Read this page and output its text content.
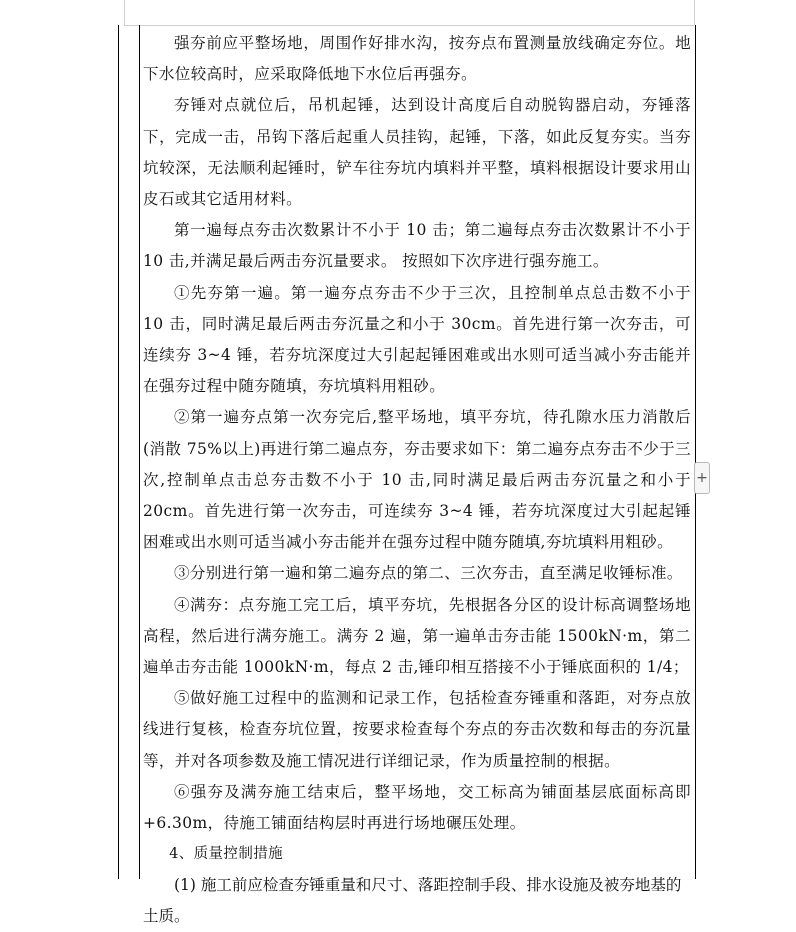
强夯前应平整场地，周围作好排水沟，按夯点布置测量放线确定夯位。地下水位较高时，应采取降低地下水位后再强夯。

夯锤对点就位后，吊机起锤，达到设计高度后自动脱钩器启动，夯锤落下，完成一击，吊钩下落后起重人员挂钩，起锤，下落，如此反复夯实。当夯坑较深，无法顺利起锤时，铲车往夯坑内填料并平整，填料根据设计要求用山皮石或其它适用材料。

第一遍每点夯击次数累计不小于 10 击；第二遍每点夯击次数累计不小于 10 击,并满足最后两击夯沉量要求。 按照如下次序进行强夯施工。

①先夯第一遍。第一遍夯点夯击不少于三次，且控制单点总击数不小于 10 击，同时满足最后两击夯沉量之和小于 30cm。首先进行第一次夯击，可连续夯 3~4 锤，若夯坑深度过大引起起锤困难或出水则可适当减小夯击能并在强夯过程中随夯随填，夯坑填料用粗砂。

②第一遍夯点第一次夯完后,整平场地，填平夯坑，待孔隙水压力消散后(消散 75%以上)再进行第二遍点夯，夯击要求如下：第二遍夯点夯击不少于三次,控制单点击总夯击数不小于 10 击,同时满足最后两击夯沉量之和小于 20cm。首先进行第一次夯击，可连续夯 3~4 锤，若夯坑深度过大引起起锤困难或出水则可适当减小夯击能并在强夯过程中随夯随填,夯坑填料用粗砂。

③分别进行第一遍和第二遍夯点的第二、三次夯击，直至满足收锤标准。

④满夯：点夯施工完工后，填平夯坑，先根据各分区的设计标高调整场地高程，然后进行满夯施工。满夯 2 遍，第一遍单击夯击能 1500kN·m，第二遍单击夯击能 1000kN·m，每点 2 击,锤印相互搭接不小于锤底面积的 1/4；

⑤做好施工过程中的监测和记录工作，包括检查夯锤重和落距，对夯点放线进行复核，检查夯坑位置，按要求检查每个夯点的夯击次数和每击的夯沉量等，并对各项参数及施工情况进行详细记录，作为质量控制的根据。

⑥强夯及满夯施工结束后，整平场地，交工标高为铺面基层底面标高即+6.30m，待施工铺面结构层时再进行场地碾压处理。

4、质量控制措施

(1) 施工前应检查夯锤重量和尺寸、落距控制手段、排水设施及被夯地基的土质。
+
